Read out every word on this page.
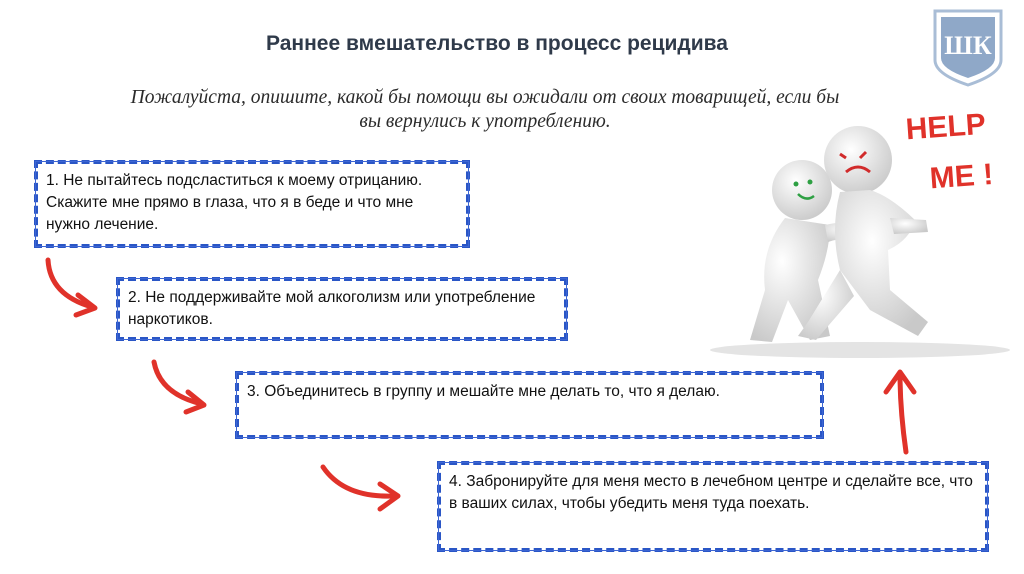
Раннее вмешательство в процесс рецидива	ШК
Пожалуйста, опишите, какой бы помощи вы ожидали от своих товарищей, если бы вы вернулись к употреблению.
1. Не пытайтесь подсластиться к моему отрицанию. Скажите мне прямо в глаза, что я в беде и что мне нужно лечение.
2. Не поддерживайте мой алкоголизм или употребление наркотиков.
3. Объединитесь в группу и мешайте мне делать то, что я делаю.
4. Забронируйте для меня место в лечебном центре и сделайте все, что в ваших силах, чтобы убедить меня туда поехать.
HELP
ME !
